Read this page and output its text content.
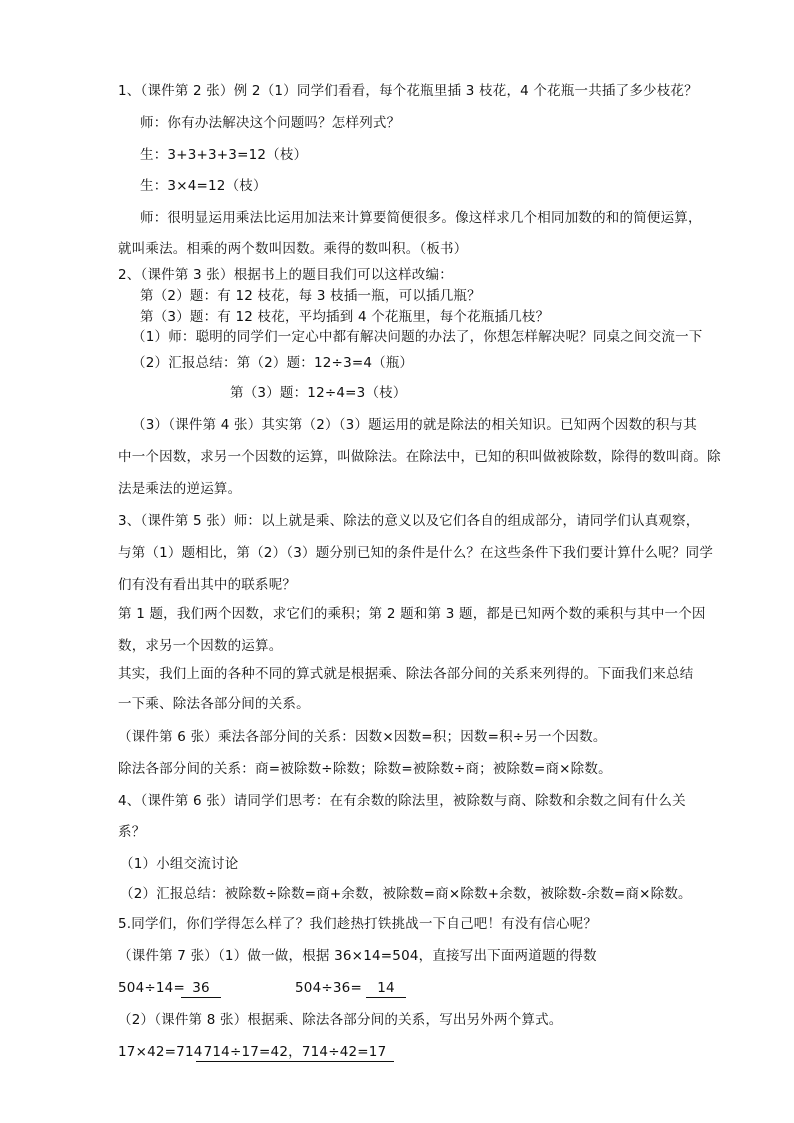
1、（课件第 2 张）例 2（1）同学们看看，每个花瓶里插 3 枝花，4 个花瓶一共插了多少枝花？
师：你有办法解决这个问题吗？怎样列式？
生：3+3+3+3=12（枝）
生：3×4=12（枝）
师：很明显运用乘法比运用加法来计算要简便很多。像这样求几个相同加数的和的简便运算，
就叫乘法。相乘的两个数叫因数。乘得的数叫积。（板书）
2、（课件第 3 张）根据书上的题目我们可以这样改编：
第（2）题：有 12 枝花，每 3 枝插一瓶，可以插几瓶？
第（3）题：有 12 枝花，平均插到 4 个花瓶里，每个花瓶插几枝？
（1）师：聪明的同学们一定心中都有解决问题的办法了，你想怎样解决呢？同桌之间交流一下
（2）汇报总结：第（2）题：12÷3=4（瓶）
第（3）题：12÷4=3（枝）
（3）（课件第 4 张）其实第（2）（3）题运用的就是除法的相关知识。已知两个因数的积与其
中一个因数，求另一个因数的运算，叫做除法。在除法中，已知的积叫做被除数，除得的数叫商。除
法是乘法的逆运算。
3、（课件第 5 张）师：以上就是乘、除法的意义以及它们各自的组成部分，请同学们认真观察，
与第（1）题相比，第（2）（3）题分别已知的条件是什么？在这些条件下我们要计算什么呢？同学
们有没有看出其中的联系呢？
第 1 题，我们两个因数，求它们的乘积；第 2 题和第 3 题，都是已知两个数的乘积与其中一个因
数，求另一个因数的运算。
其实，我们上面的各种不同的算式就是根据乘、除法各部分间的关系来列得的。下面我们来总结
一下乘、除法各部分间的关系。
（课件第 6 张）乘法各部分间的关系：因数×因数=积；因数=积÷另一个因数。
除法各部分间的关系：商=被除数÷除数；除数=被除数÷商；被除数=商×除数。
4、（课件第 6 张）请同学们思考：在有余数的除法里，被除数与商、除数和余数之间有什么关
系？
（1）小组交流讨论
（2）汇报总结：被除数÷除数=商+余数，被除数=商×除数+余数，被除数-余数=商×除数。
5.同学们，你们学得怎么样了？我们趁热打铁挑战一下自己吧！有没有信心呢？
（课件第 7 张）（1）做一做，根据 36×14=504，直接写出下面两道题的得数
504÷14= 36	504÷36=	14
（2）（课件第 8 张）根据乘、除法各部分间的关系，写出另外两个算式。
17×42=714 714÷17=42，714÷42=17
